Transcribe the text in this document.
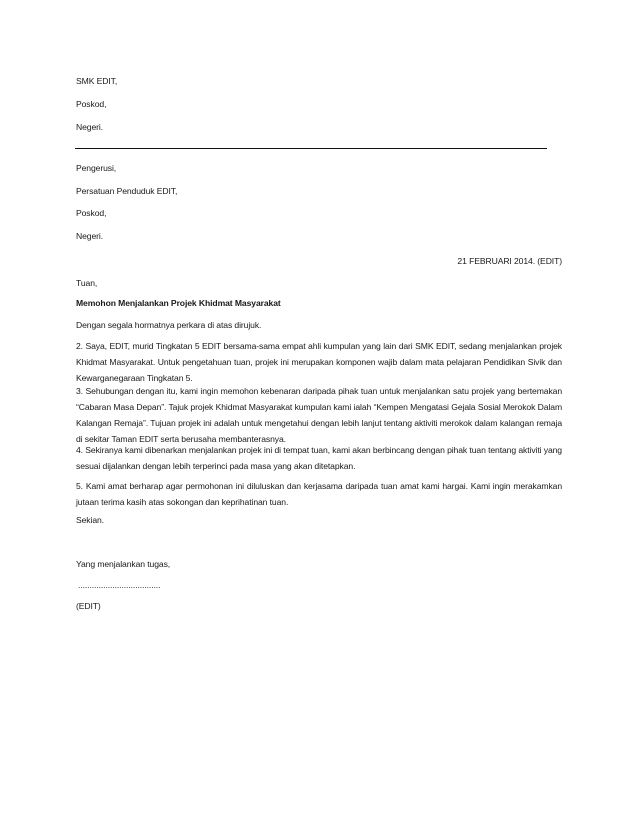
SMK EDIT,
Poskod,
Negeri.
Pengerusi,
Persatuan Penduduk EDIT,
Poskod,
Negeri.
21 FEBRUARI 2014. (EDIT)
Tuan,
Memohon Menjalankan Projek Khidmat Masyarakat
Dengan segala hormatnya perkara di atas dirujuk.
2. Saya, EDIT, murid Tingkatan 5 EDIT bersama-sama empat ahli kumpulan yang lain dari SMK EDIT, sedang menjalankan projek Khidmat Masyarakat. Untuk pengetahuan tuan, projek ini merupakan komponen wajib dalam mata pelajaran Pendidikan Sivik dan Kewarganegaraan Tingkatan 5.
3. Sehubungan dengan itu, kami ingin memohon kebenaran daripada pihak tuan untuk menjalankan satu projek yang bertemakan “Cabaran Masa Depan”. Tajuk projek Khidmat Masyarakat kumpulan kami ialah “Kempen Mengatasi Gejala Sosial Merokok Dalam Kalangan Remaja”. Tujuan projek ini adalah untuk mengetahui dengan lebih lanjut tentang aktiviti merokok dalam kalangan remaja di sekitar Taman EDIT serta berusaha membanterasnya.
4. Sekiranya kami dibenarkan menjalankan projek ini di tempat tuan, kami akan berbincang dengan pihak tuan tentang aktiviti yang sesuai dijalankan dengan lebih terperinci pada masa yang akan ditetapkan.
5. Kami amat berharap agar permohonan ini diluluskan dan kerjasama daripada tuan amat kami hargai. Kami ingin merakamkan jutaan terima kasih atas sokongan dan keprihatinan tuan.
Sekian.
Yang menjalankan tugas,
....................................
(EDIT)
